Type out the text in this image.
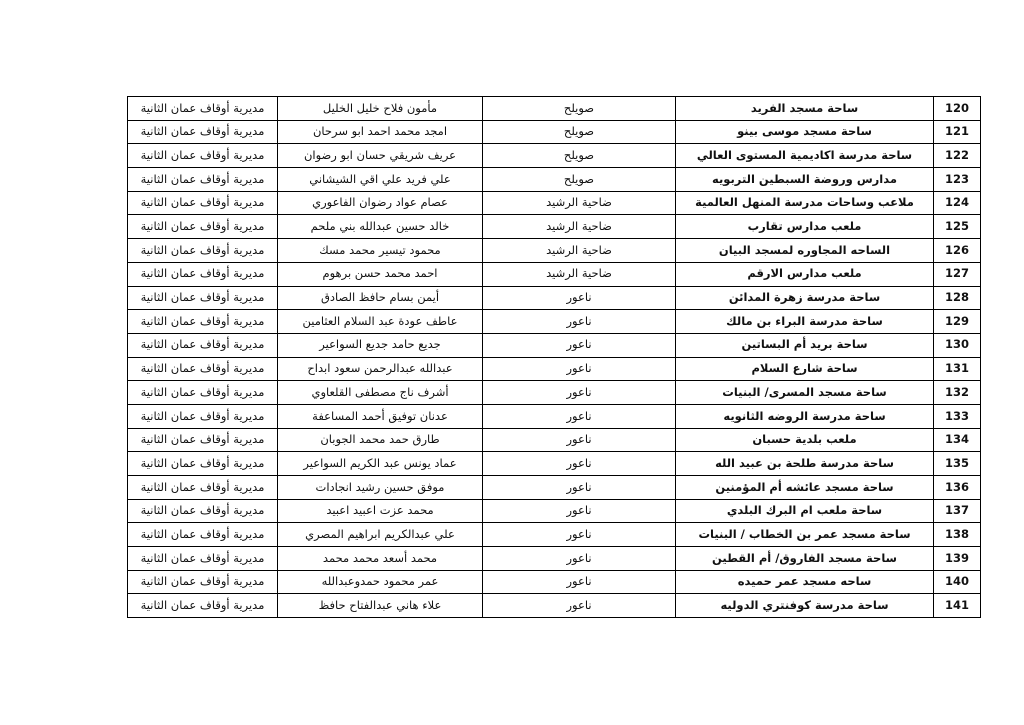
120	ساحة مسجد الفريد	صويلح	مأمون فلاح خليل الخليل	مديرية أوقاف عمان الثانية
121	ساحة مسجد موسى بينو	صويلح	امجد محمد احمد ابو سرحان	مديرية أوقاف عمان الثانية
122	ساحة مدرسة اكاديمية المستوى العالي	صويلح	عريف شريقي حسان ابو رضوان	مديرية أوقاف عمان الثانية
123	مدارس وروضة السبطين التربويه	صويلح	علي فريد علي اقي الشيشاني	مديرية أوقاف عمان الثانية
124	ملاعب وساحات مدرسة المنهل العالمية	ضاحية الرشيد	عصام عواد رضوان الفاعوري	مديرية أوقاف عمان الثانية
125	ملعب مدارس تقارب	ضاحية الرشيد	خالد حسين عبدالله بني ملحم	مديرية أوقاف عمان الثانية
126	الساحه المجاوره لمسجد البيان	ضاحية الرشيد	محمود تيسير محمد مسك	مديرية أوقاف عمان الثانية
127	ملعب مدارس الارقم	ضاحية الرشيد	احمد محمد حسن برهوم	مديرية أوقاف عمان الثانية
128	ساحة مدرسة زهرة المدائن	ناعور	أيمن بسام حافظ الصادق	مديرية أوقاف عمان الثانية
129	ساحة مدرسة البراء بن مالك	ناعور	عاطف عودة عبد السلام العثامين	مديرية أوقاف عمان الثانية
130	ساحة بريد أم البساتين	ناعور	جديع حامد جديع السواعير	مديرية أوقاف عمان الثانية
131	ساحة شارع السلام	ناعور	عبدالله عبدالرحمن سعود ابداح	مديرية أوقاف عمان الثانية
132	ساحة مسجد المسرى/ البنيات	ناعور	أشرف ناج مصطفى القلعاوي	مديرية أوقاف عمان الثانية
133	ساحة مدرسة الروضه الثانويه	ناعور	عدنان توفيق أحمد المساعفة	مديرية أوقاف عمان الثانية
134	ملعب بلدية حسبان	ناعور	طارق حمد محمد الجوبان	مديرية أوقاف عمان الثانية
135	ساحة مدرسة طلحة بن عبيد الله	ناعور	عماد يونس عبد الكريم السواعير	مديرية أوقاف عمان الثانية
136	ساحة مسجد عائشه أم المؤمنين	ناعور	موفق حسين رشيد انجادات	مديرية أوقاف عمان الثانية
137	ساحة ملعب ام البرك البلدي	ناعور	محمد عزت اعبيد اعبيد	مديرية أوقاف عمان الثانية
138	ساحة مسجد عمر بن الخطاب / البنيات	ناعور	علي عبدالكريم ابراهيم المصري	مديرية أوقاف عمان الثانية
139	ساحة مسجد الفاروق/ أم القطين	ناعور	محمد أسعد محمد محمد	مديرية أوقاف عمان الثانية
140	ساحه مسجد عمر حميده	ناعور	عمر محمود حمدوعبدالله	مديرية أوقاف عمان الثانية
141	ساحة مدرسة كوفنتري الدوليه	ناعور	علاء هاني عبدالفتاح حافظ	مديرية أوقاف عمان الثانية
